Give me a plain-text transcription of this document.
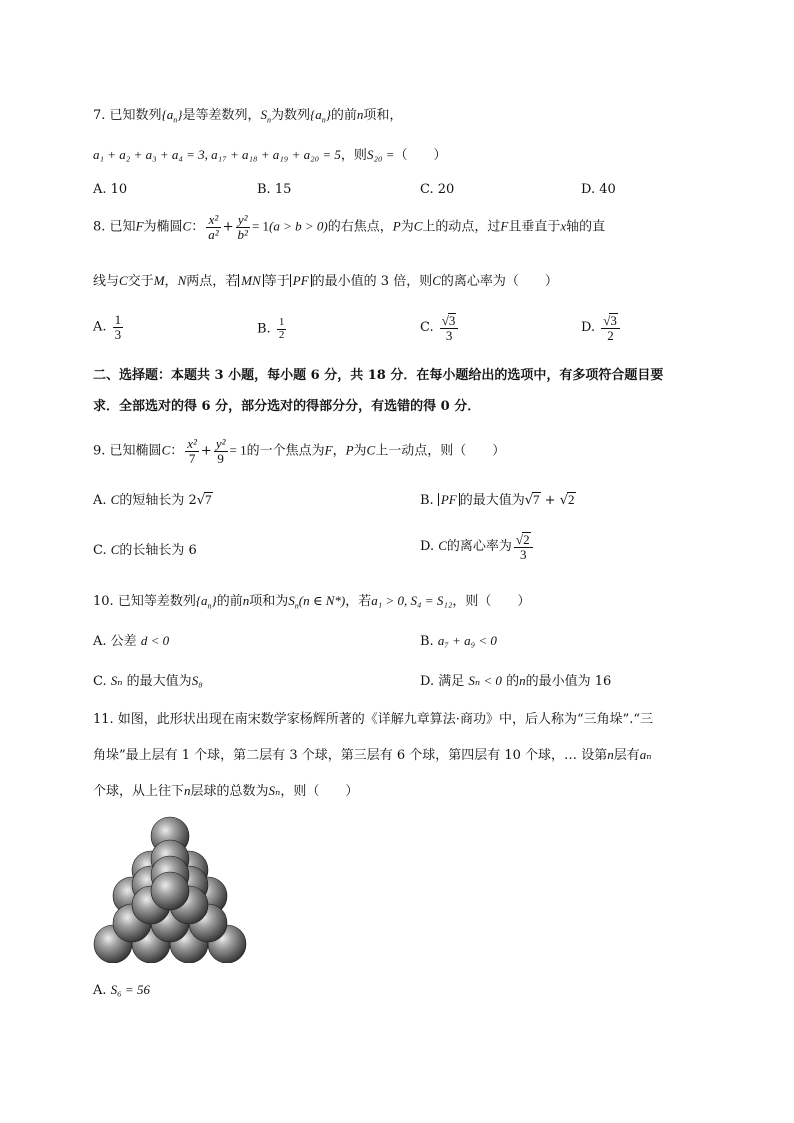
7. 已知数列$\{a_n\}$是等差数列，$S_n$为数列$\{a_n\}$的前n项和，
a₁ + a₂ + a₃ + a₄ = 3, a₁₇ + a₁₈ + a₁₉ + a₂₀ = 5，则S₂₀ =（　　）
A. 10	B. 15	C. 20	D. 40
8. 已知F为椭圆C： $\frac{\text{x²}}{\text{a²}} + \frac{\text{y²}}{\text{b²}} = 1(a > b > 0)$的右焦点，P为C上的动点，过F且垂直于x轴的直
线与C交于M，N两点，若 MN 等于 PF 的最小值的 3 倍，则C的离心率为（　　）
A. $\frac{1}{3}$	B. $\frac{1}{2}$	C. $\frac{√3}{3}$	D. $\frac{√3}{2}$
二、选择题：本题共 3 小题，每小题 6 分，共 18 分．在每小题给出的选项中，有多项符合题目要
求．全部选对的得 6 分，部分选对的得部分分，有选错的得 0 分．
9. 已知椭圆C： $\frac{\text{x²}}{7} + \frac{\text{y²}}{9} = 1$的一个焦点为F，P为C上一动点，则（　　）
A. C的短轴长为 2√7	B. PF 的最大值为√7 + √2
C. C的长轴长为 6	D. C的离心率为 $\frac{√2}{3}$
10. 已知等差数列$\{a_n\}$的前n项和为$S_n(n$ ∈ N*)，若a₁ > 0, S₄ = S₁₂，则（　　）
A. 公差 d < 0	B. a₇ + a₉ < 0
C. Sₙ 的最大值为S₈	D. 满足 Sₙ < 0 的n的最小值为 16
11. 如图，此形状出现在南宋数学家杨辉所著的《详解九章算法·商功》中，后人称为“三角垛”.“三
角垛”最上层有 1 个球，第二层有 3 个球，第三层有 6 个球，第四层有 10 个球，… 设第n层有aₙ
个球，从上往下n层球的总数为Sₙ，则（　　）
A. S₆ = 56
